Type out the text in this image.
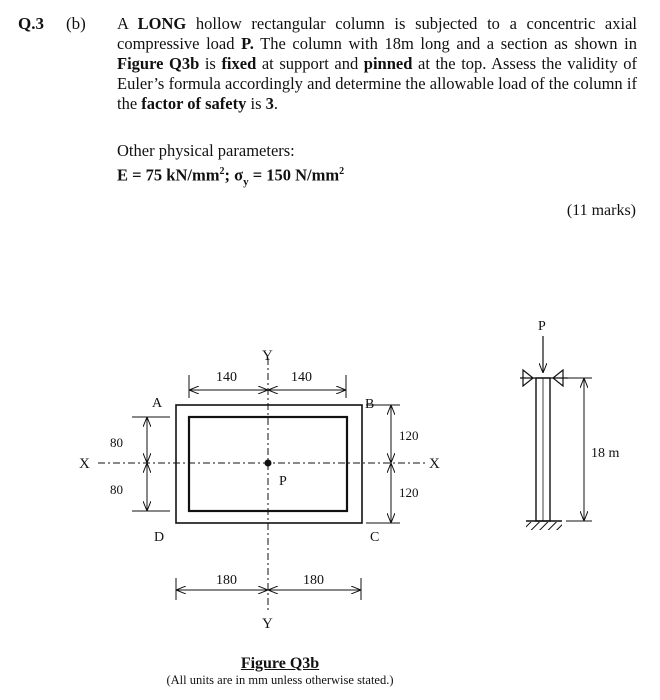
Q.3 (b) A LONG hollow rectangular column is subjected to a concentric axial compressive load P. The column with 18m long and a section as shown in Figure Q3b is fixed at support and pinned at the top. Assess the validity of Euler’s formula accordingly and determine the allowable load of the column if the factor of safety is 3.
Other physical parameters:
E = 75 $kN/mm^2$; $\sigma_y = 150$ $N/mm^2$
(11 marks)
Y
Y
X	X
P
A	B
C
D
140	140
180	180
80
80
120
120
P
18 m
Figure Q3b
(All units are in mm unless otherwise stated.)
